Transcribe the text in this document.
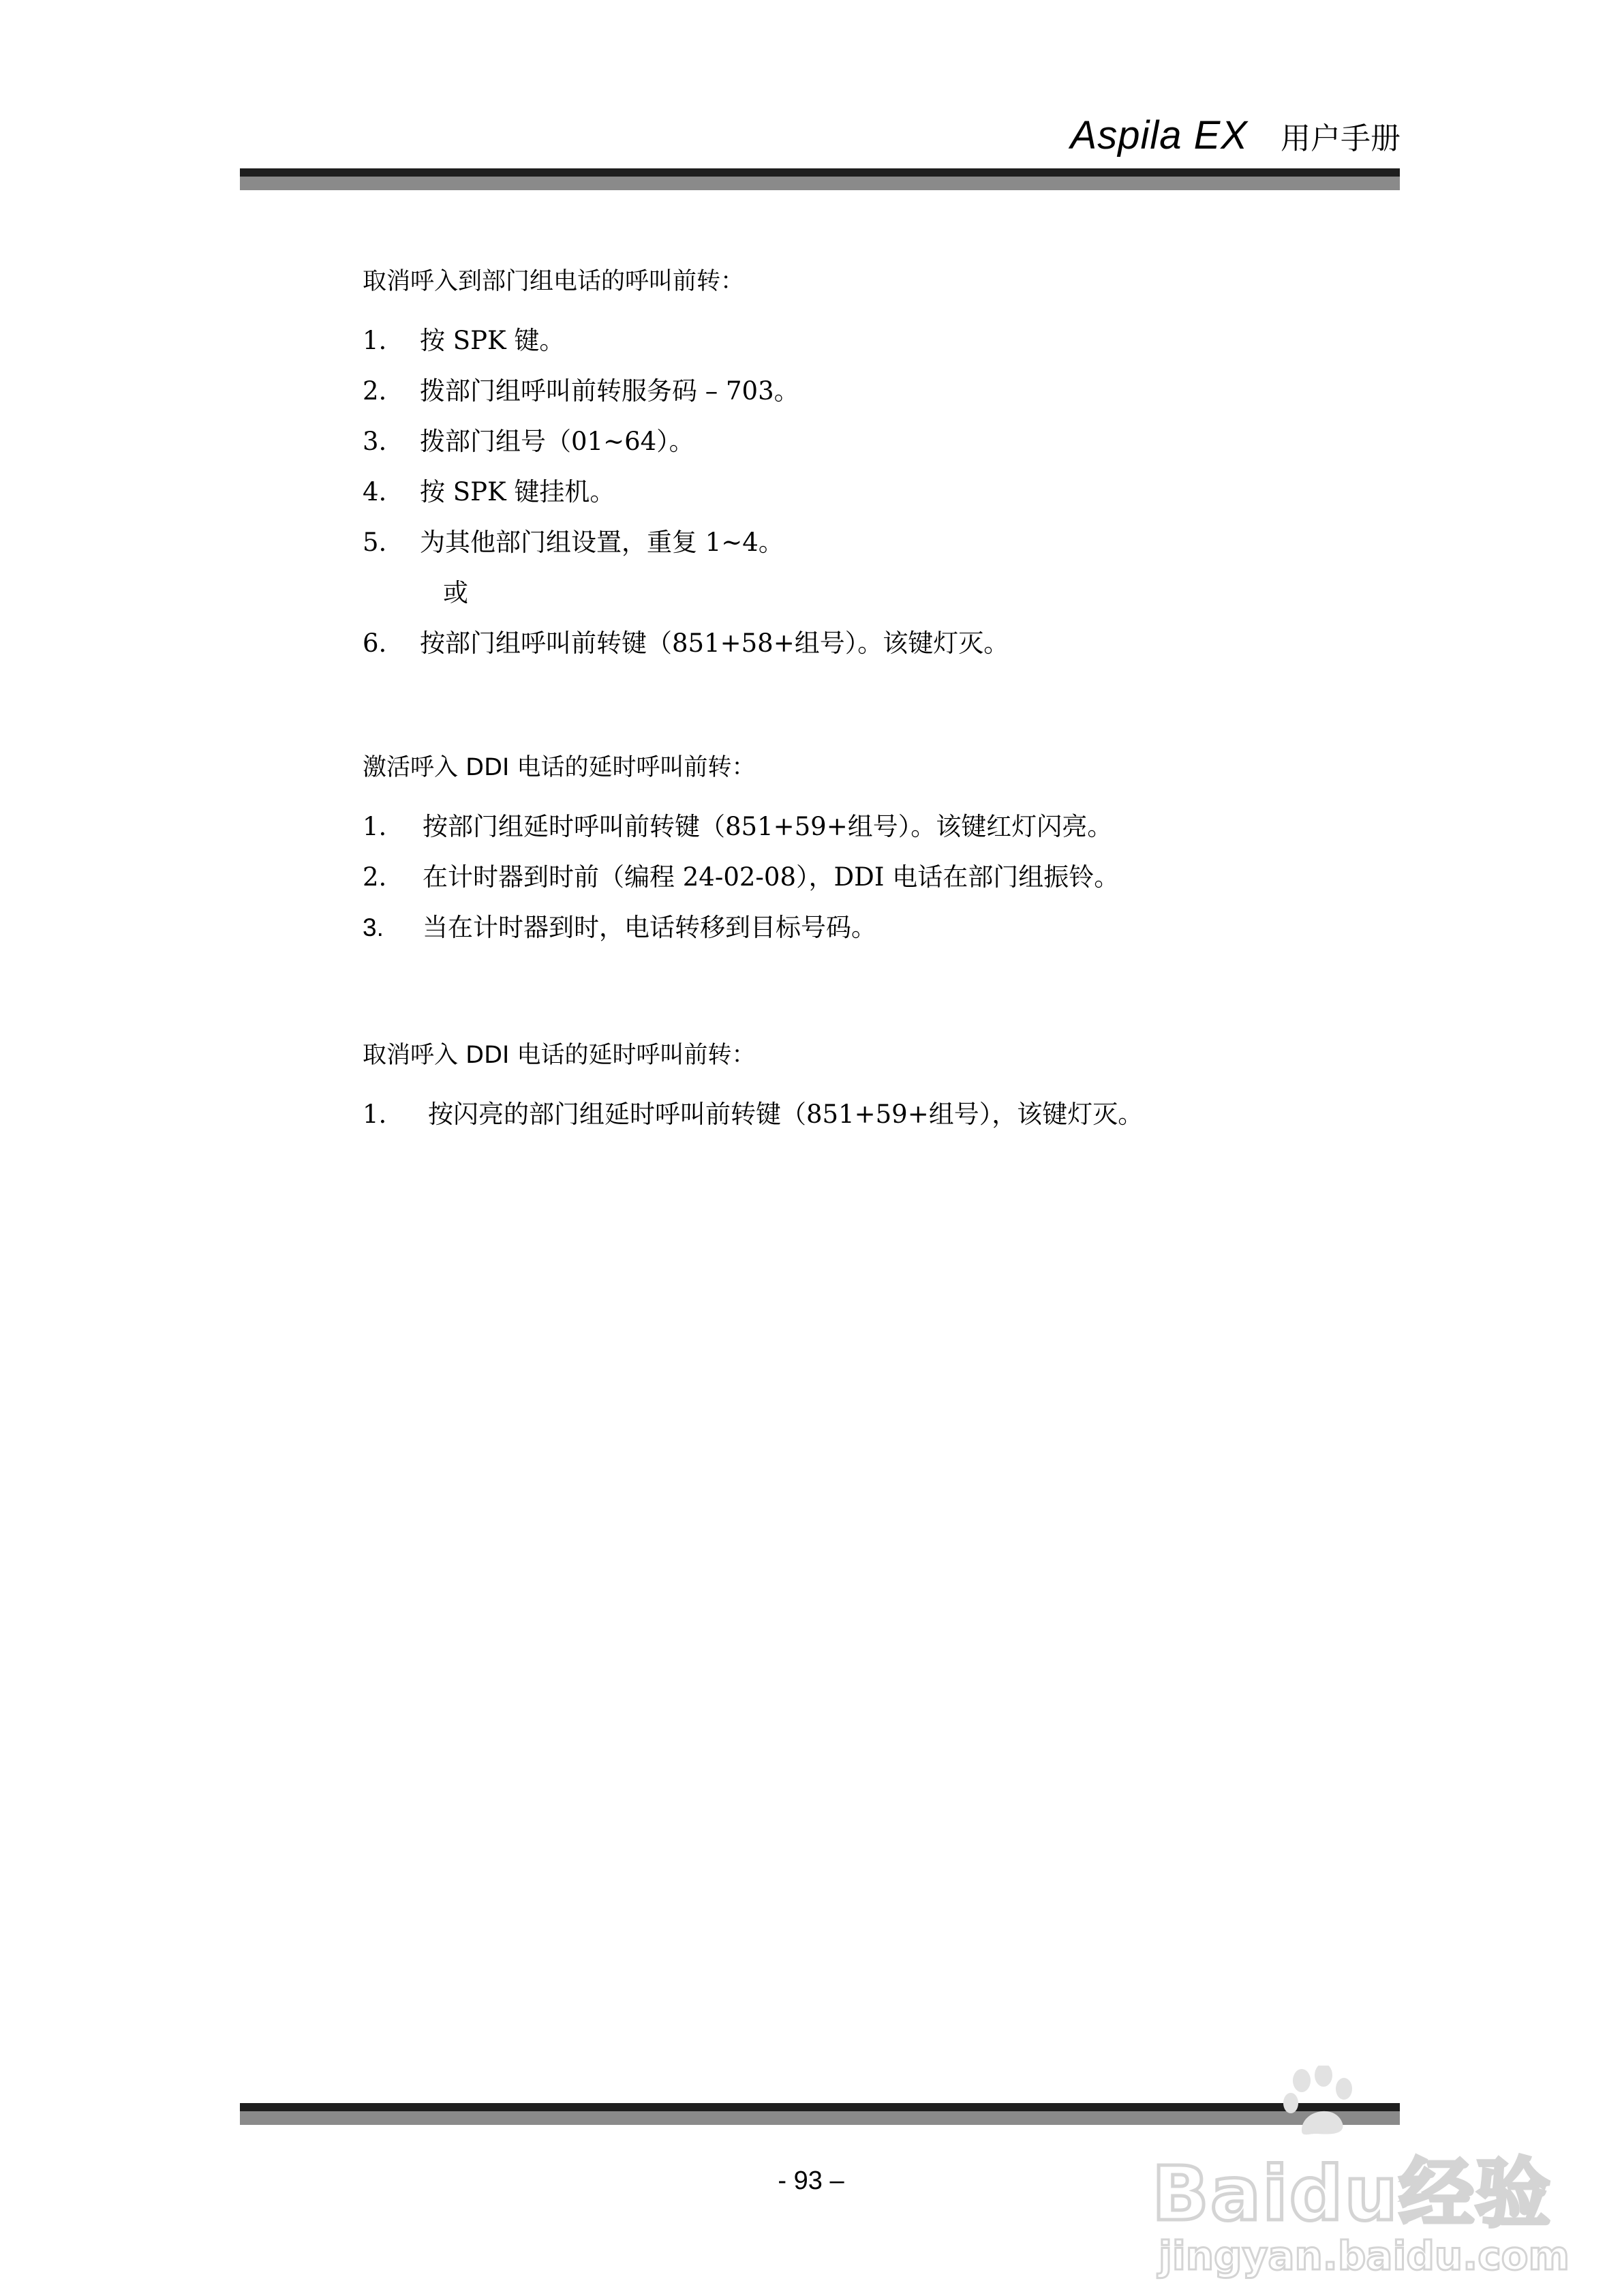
Aspila EX 用户手册
取消呼入到部门组电话的呼叫前转：
1.	按 SPK 键。
2.	拨部门组呼叫前转服务码 – 703。
3.	拨部门组号（01~64）。
4.	按 SPK 键挂机。
5.	为其他部门组设置，重复 1~4。
或
6.	按部门组呼叫前转键（851+58+组号）。该键灯灭。
激活呼入 DDI 电话的延时呼叫前转：
1.	按部门组延时呼叫前转键（851+59+组号）。该键红灯闪亮。
2.	在计时器到时前（编程 24-02-08），DDI 电话在部门组振铃。
3.	当在计时器到时，电话转移到目标号码。
取消呼入 DDI 电话的延时呼叫前转：
1.	按闪亮的部门组延时呼叫前转键（851+59+组号），该键灯灭。
- 93 –	Baidu经验
jingyan.baidu.com
